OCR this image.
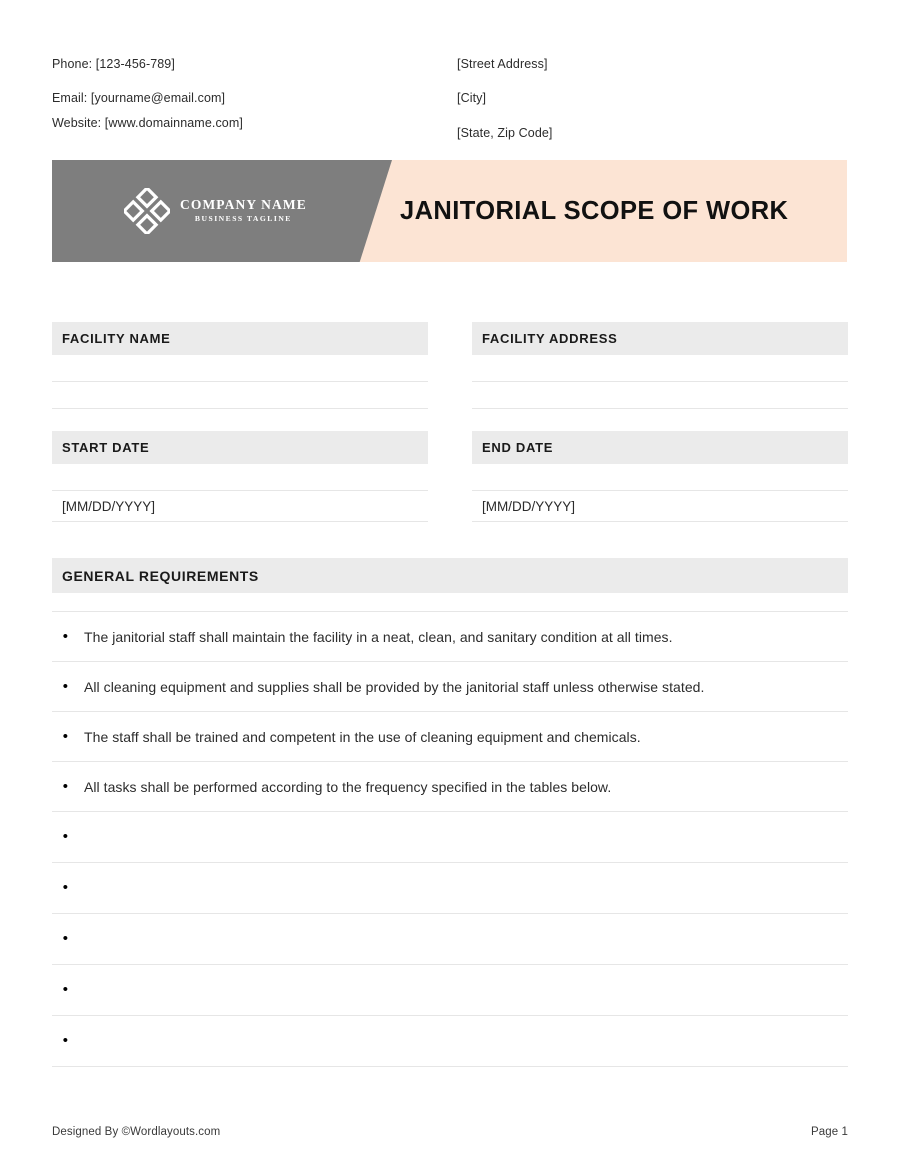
Phone: [123-456-789]
Email: [yourname@email.com]
Website: [www.domainname.com]
[Street Address]
[City]
[State, Zip Code]
COMPANY NAME
BUSINESS TAGLINE	JANITORIAL SCOPE OF WORK
FACILITY NAME	FACILITY ADDRESS
START DATE
[MM/DD/YYYY]
END DATE
[MM/DD/YYYY]
GENERAL REQUIREMENTS
•	The janitorial staff shall maintain the facility in a neat, clean, and sanitary condition at all times.
•	All cleaning equipment and supplies shall be provided by the janitorial staff unless otherwise stated.
•	The staff shall be trained and competent in the use of cleaning equipment and chemicals.
•	All tasks shall be performed according to the frequency specified in the tables below.
•
•
•
•
•
Designed By ©Wordlayouts.com	Page 1
